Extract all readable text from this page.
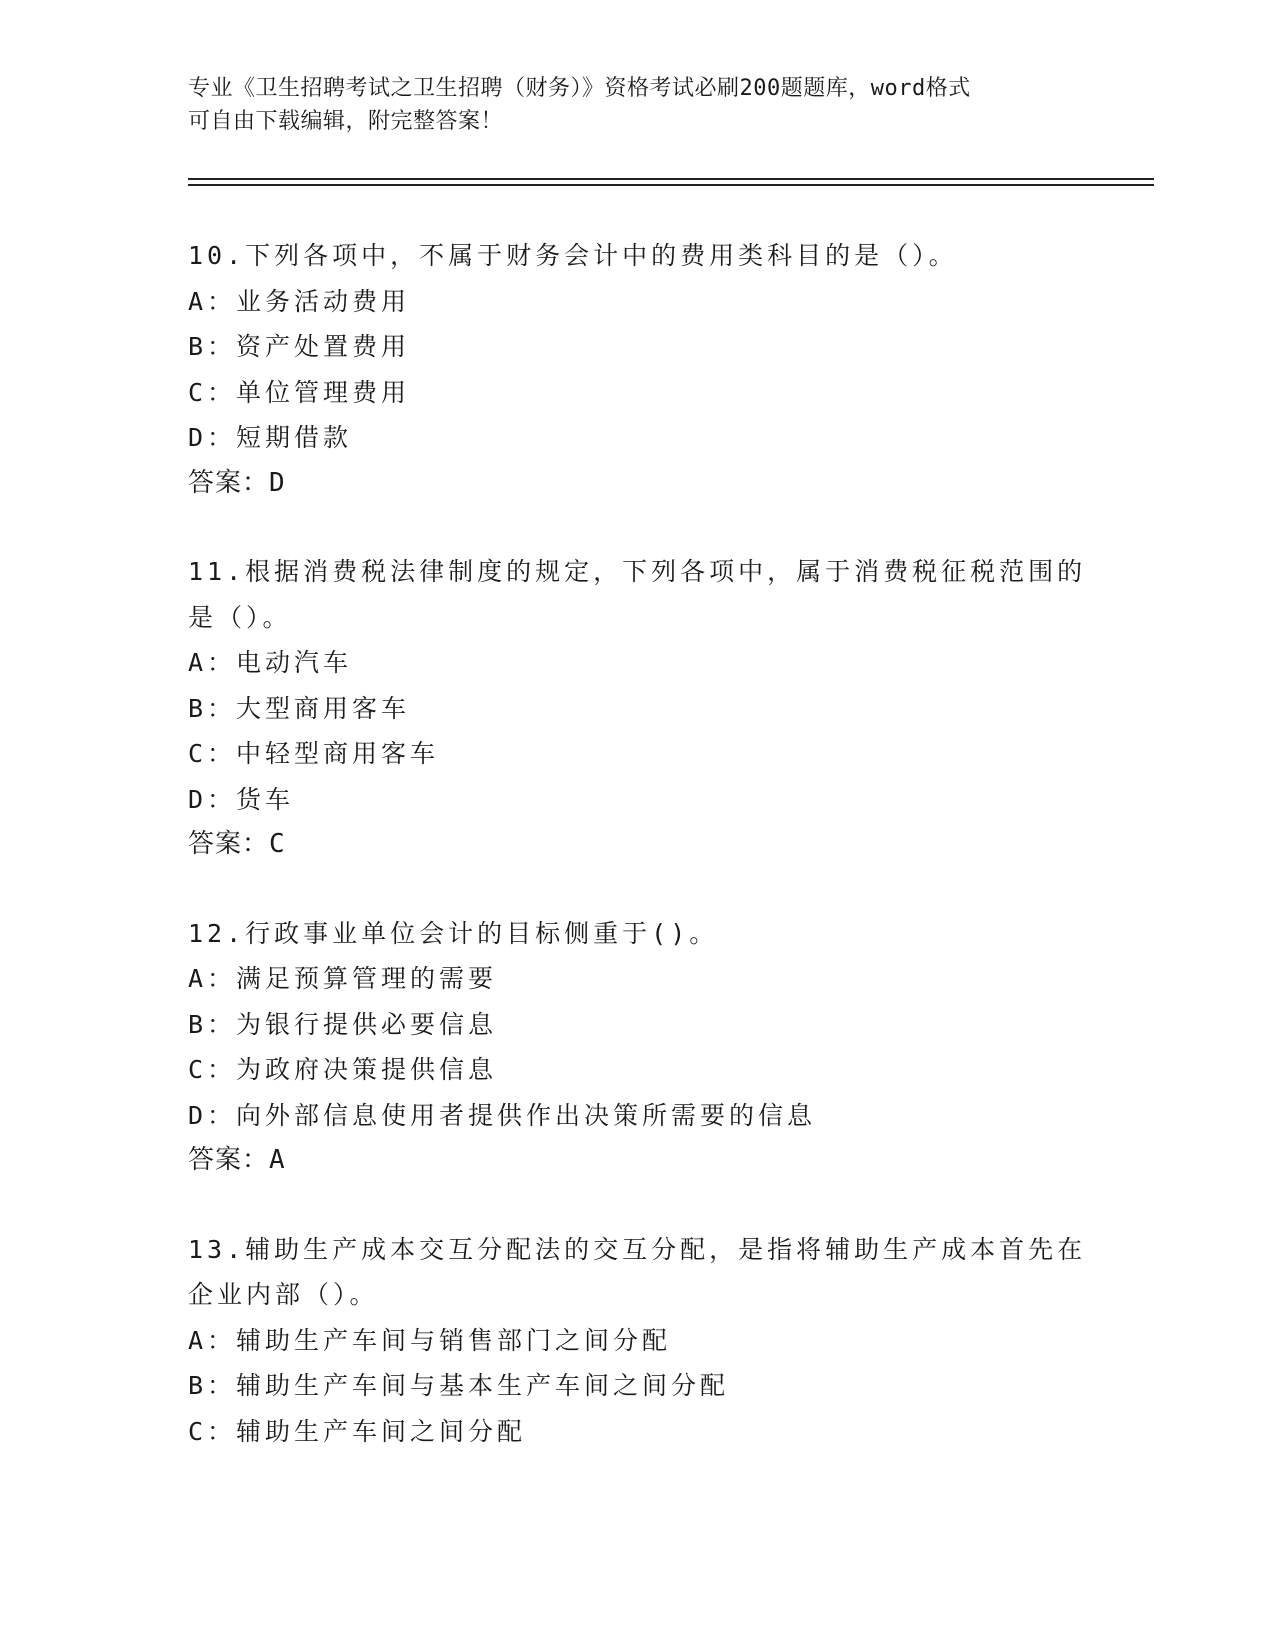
专业《卫生招聘考试之卫生招聘（财务）》资格考试必刷200题题库，word格式
可自由下载编辑，附完整答案！
10.下列各项中，不属于财务会计中的费用类科目的是（）。
A：业务活动费用
B：资产处置费用
C：单位管理费用
D：短期借款
答案：D
11.根据消费税法律制度的规定，下列各项中，属于消费税征税范围的
是（）。
A：电动汽车
B：大型商用客车
C：中轻型商用客车
D：货车
答案：C
12.行政事业单位会计的目标侧重于()。
A：满足预算管理的需要
B：为银行提供必要信息
C：为政府决策提供信息
D：向外部信息使用者提供作出决策所需要的信息
答案：A
13.辅助生产成本交互分配法的交互分配，是指将辅助生产成本首先在
企业内部（）。
A：辅助生产车间与销售部门之间分配
B：辅助生产车间与基本生产车间之间分配
C：辅助生产车间之间分配
